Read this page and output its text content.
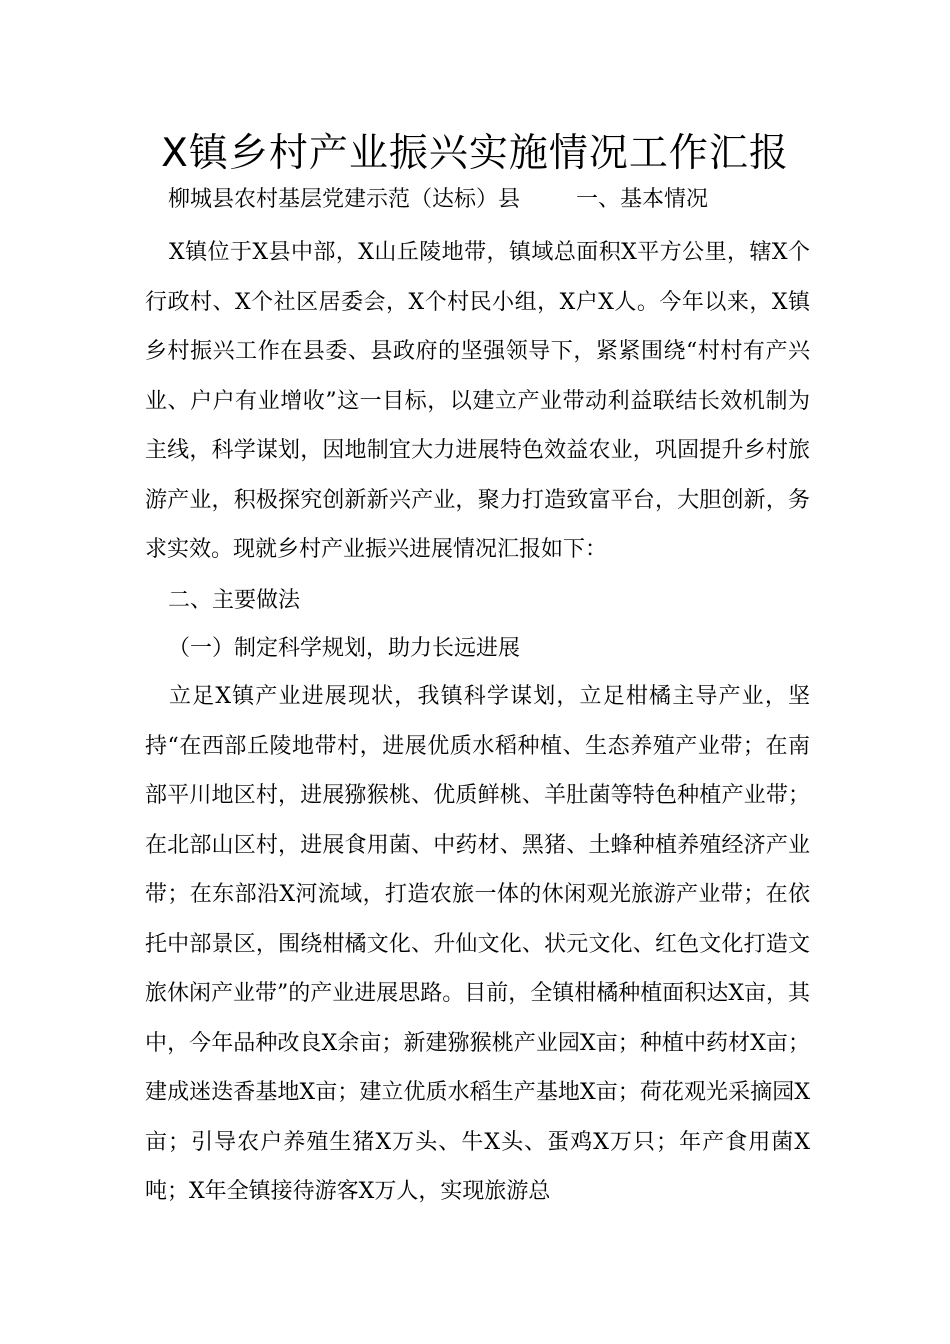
X镇乡村产业振兴实施情况工作汇报
柳城县农村基层党建示范（达标）县	一、基本情况

X镇位于X县中部，X山丘陵地带，镇域总面积X平方公里，辖X个行政村、X个社区居委会，X个村民小组，X户X人。今年以来，X镇乡村振兴工作在县委、县政府的坚强领导下，紧紧围绕“村村有产兴业、户户有业增收”这一目标，以建立产业带动利益联结长效机制为主线，科学谋划，因地制宜大力进展特色效益农业，巩固提升乡村旅游产业，积极探究创新新兴产业，聚力打造致富平台，大胆创新，务求实效。现就乡村产业振兴进展情况汇报如下：

二、主要做法

（一）制定科学规划，助力长远进展

立足X镇产业进展现状，我镇科学谋划，立足柑橘主导产业，坚持“在西部丘陵地带村，进展优质水稻种植、生态养殖产业带；在南部平川地区村，进展猕猴桃、优质鲜桃、羊肚菌等特色种植产业带；在北部山区村，进展食用菌、中药材、黑猪、土蜂种植养殖经济产业带；在东部沿X河流域，打造农旅一体的休闲观光旅游产业带；在依托中部景区，围绕柑橘文化、升仙文化、状元文化、红色文化打造文旅休闲产业带”的产业进展思路。目前，全镇柑橘种植面积达X亩，其中，今年品种改良X余亩；新建猕猴桃产业园X亩；种植中药材X亩；建成迷迭香基地X亩；建立优质水稻生产基地X亩；荷花观光采摘园X亩；引导农户养殖生猪X万头、牛X头、蛋鸡X万只；年产食用菌X吨；X年全镇接待游客X万人，实现旅游总
